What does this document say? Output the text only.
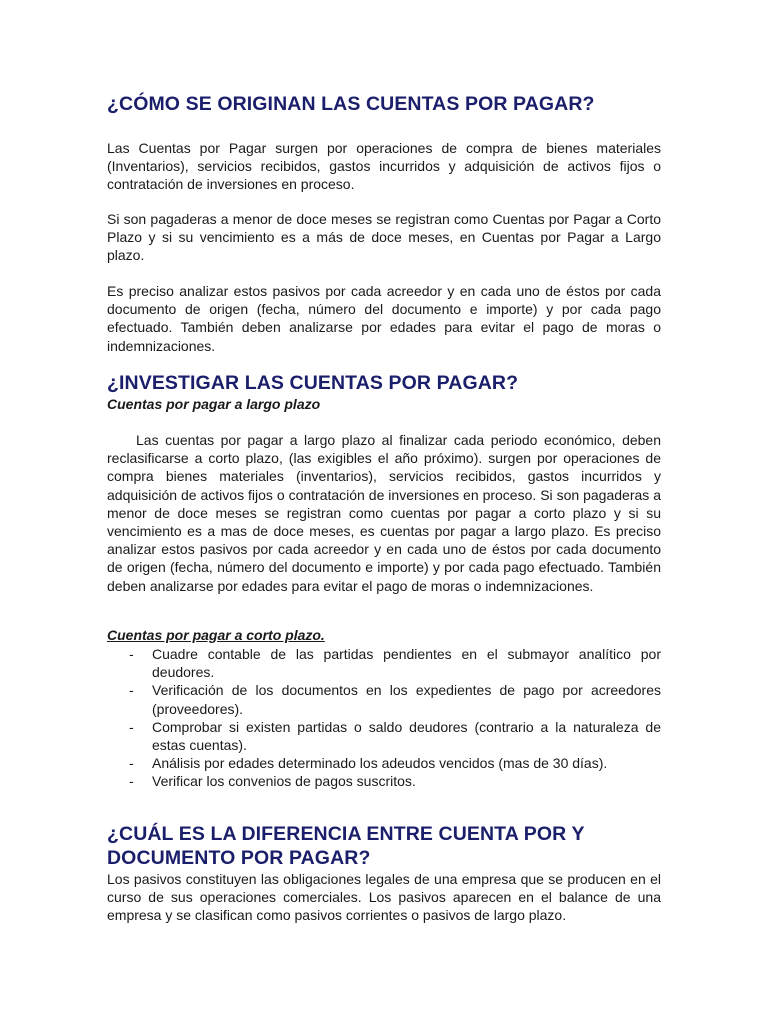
¿CÓMO SE ORIGINAN LAS CUENTAS POR PAGAR?

Las Cuentas por Pagar surgen por operaciones de compra de bienes materiales (Inventarios), servicios recibidos, gastos incurridos y adquisición de activos fijos o contratación de inversiones en proceso.

Si son pagaderas a menor de doce meses se registran como Cuentas por Pagar a Corto Plazo y si su vencimiento es a más de doce meses, en Cuentas por Pagar a Largo plazo.

Es preciso analizar estos pasivos por cada acreedor y en cada uno de éstos por cada documento de origen (fecha, número del documento e importe) y por cada pago efectuado. También deben analizarse por edades para evitar el pago de moras o indemnizaciones.

¿INVESTIGAR LAS CUENTAS POR PAGAR?
Cuentas por pagar a largo plazo

Las cuentas por pagar a largo plazo al finalizar cada periodo económico, deben reclasificarse a corto plazo, (las exigibles el año próximo). surgen por operaciones de compra bienes materiales (inventarios), servicios recibidos, gastos incurridos y adquisición de activos fijos o contratación de inversiones en proceso. Si son pagaderas a menor de doce meses se registran como cuentas por pagar a corto plazo y si su vencimiento es a mas de doce meses, es cuentas por pagar a largo plazo. Es preciso analizar estos pasivos por cada acreedor y en cada uno de éstos por cada documento de origen (fecha, número del documento e importe) y por cada pago efectuado. También deben analizarse por edades para evitar el pago de moras o indemnizaciones.

Cuentas por pagar a corto plazo.
- Cuadre contable de las partidas pendientes en el submayor analítico por deudores.
- Verificación de los documentos en los expedientes de pago por acreedores (proveedores).
- Comprobar si existen partidas o saldo deudores (contrario a la naturaleza de estas cuentas).
- Análisis por edades determinado los adeudos vencidos (mas de 30 días).
- Verificar los convenios de pagos suscritos.
¿CUÁL ES LA DIFERENCIA ENTRE CUENTA POR Y
DOCUMENTO POR PAGAR?

Los pasivos constituyen las obligaciones legales de una empresa que se producen en el curso de sus operaciones comerciales. Los pasivos aparecen en el balance de una empresa y se clasifican como pasivos corrientes o pasivos de largo plazo.
